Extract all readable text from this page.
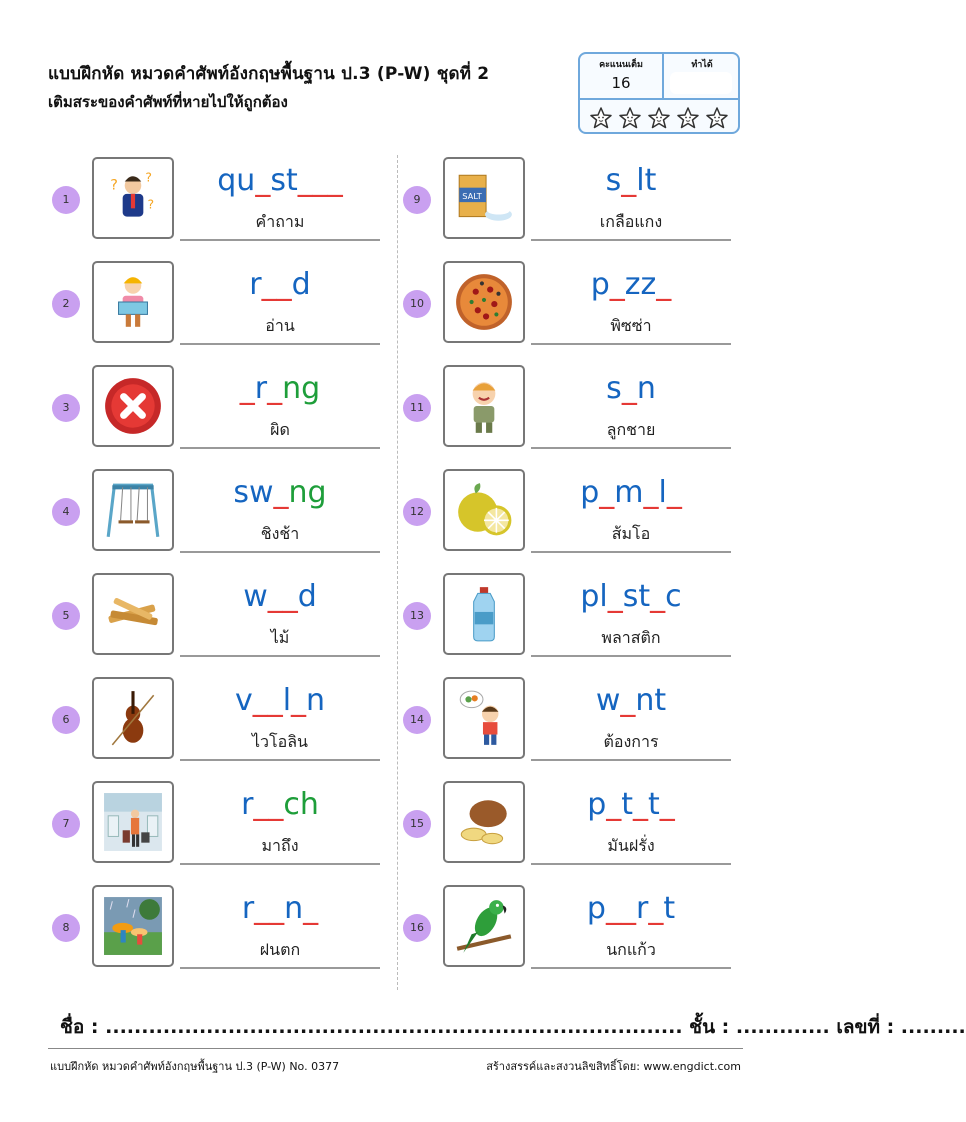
แบบฝึกหัด หมวดคำศัพท์อังกฤษพื้นฐาน ป.3 (P-W) ชุดที่ 2
เติมสระของคำศัพท์ที่หายไปให้ถูกต้อง
คะแนนเต็ม
16
ทำได้
1
?
?
?
qu_st___
คำถาม
2
r__d
อ่าน
3
_r_ng
ผิด
4
sw_ng
ชิงช้า
5
w__d
ไม้
6
v__l_n
ไวโอลิน
7
r__ch
มาถึง
8
r__n_
ฝนตก
9	SALT	s_lt
เกลือแกง
10
p_zz_
พิซซ่า
11
s_n
ลูกชาย
12
p_m_l_
ส้มโอ
13
pl_st_c
พลาสติก
14
w_nt
ต้องการ
15
p_t_t_
มันฝรั่ง
16
p__r_t
นกแก้ว
ชื่อ : ................................................................................ ชั้น : ............. เลขที่ : .........
แบบฝึกหัด หมวดคำศัพท์อังกฤษพื้นฐาน ป.3 (P-W) No. 0377	สร้างสรรค์และสงวนลิขสิทธิ์โดย: www.engdict.com
